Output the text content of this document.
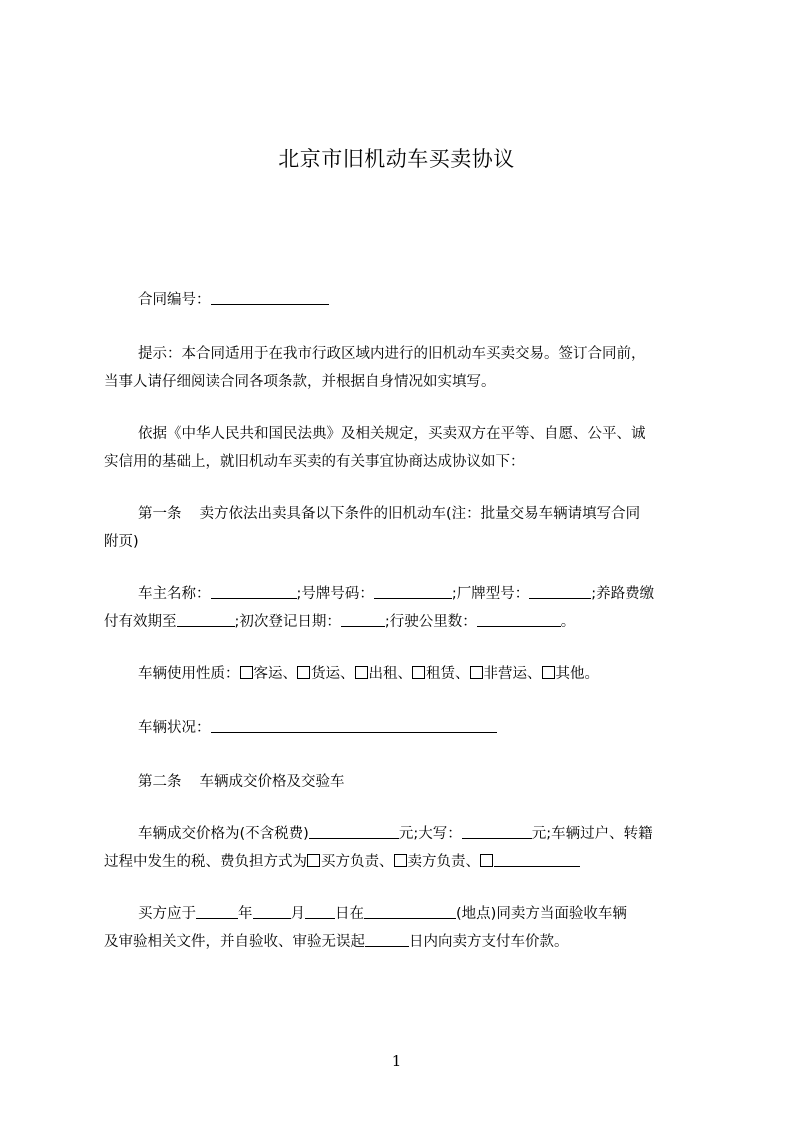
北京市旧机动车买卖协议
合同编号：
提示：本合同适用于在我市行政区域内进行的旧机动车买卖交易。签订合同前，
当事人请仔细阅读合同各项条款，并根据自身情况如实填写。
依据《中华人民共和国民法典》及相关规定，买卖双方在平等、自愿、公平、诚
实信用的基础上，就旧机动车买卖的有关事宜协商达成协议如下：
第一条 卖方依法出卖具备以下条件的旧机动车(注：批量交易车辆请填写合同
附页)
车主名称：	;号牌号码：	;厂牌型号：	;养路费缴
付有效期至	;初次登记日期：	;行驶公里数：	。
车辆使用性质： 客运、 货运、 出租、 租赁、 非营运、 其他。
车辆状况：
第二条 车辆成交价格及交验车
车辆成交价格为(不含税费)	元;大写：	元;车辆过户、转籍
过程中发生的税、费负担方式为 买方负责、 卖方负责、
买方应于	年	月 日在	(地点)同卖方当面验收车辆
及审验相关文件，并自验收、审验无误起	日内向卖方支付车价款。
1
